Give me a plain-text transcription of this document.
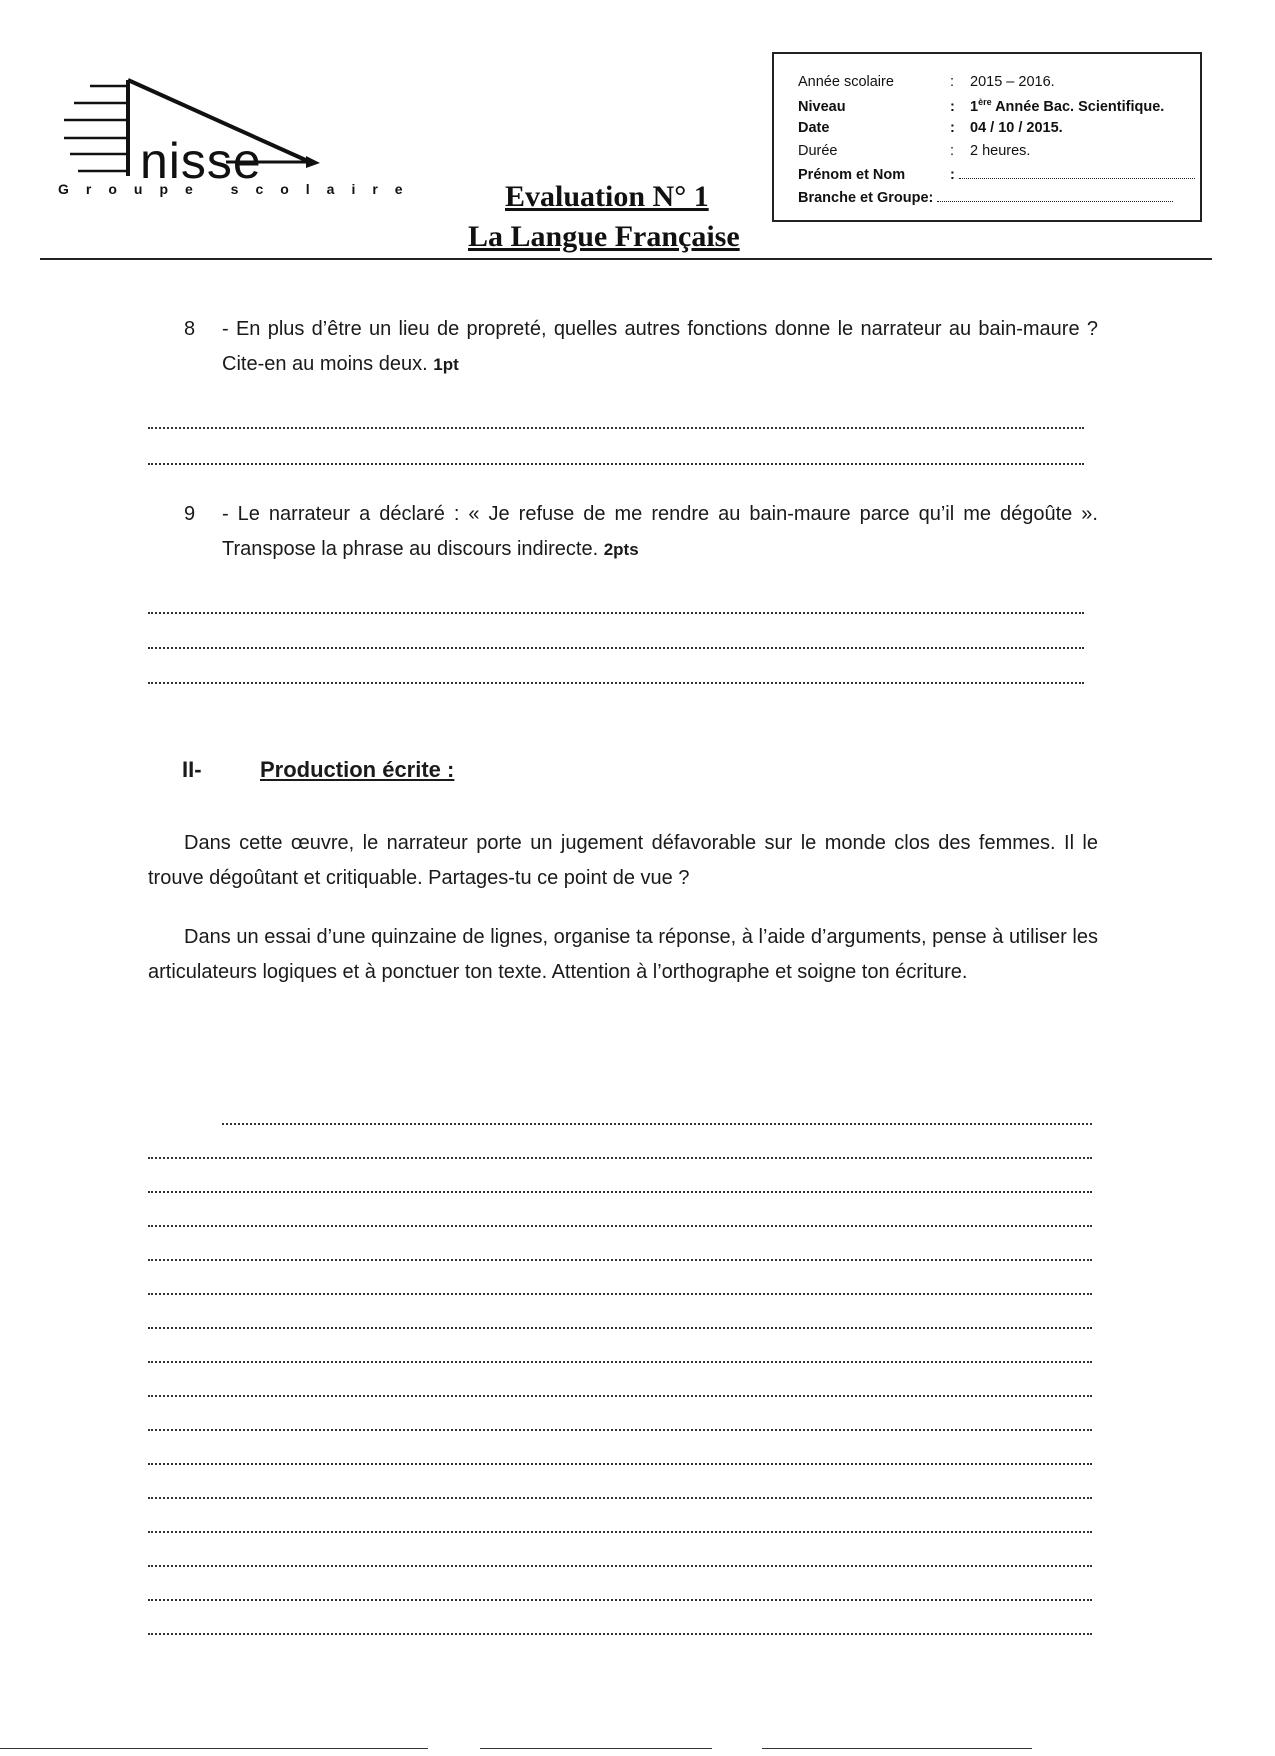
nisse
Groupe scolaire	Evaluation N° 1
La Langue Française
Année scolaire	: 2015 – 2016.
Niveau	: 1ère Année Bac. Scientifique.
Date	: 04 / 10 / 2015.
Durée	: 2 heures.
Prénom et Nom	:
Branche et Groupe:
8 - En plus d’être un lieu de propreté, quelles autres fonctions donne le narrateur au bain-maure ? Cite-en au moins deux. 1pt
9 - Le narrateur a déclaré : « Je refuse de me rendre au bain-maure parce qu’il me dégoûte ». Transpose la phrase au discours indirecte. 2pts
II-	Production écrite :
Dans cette œuvre, le narrateur porte un jugement défavorable sur le monde clos des femmes. Il le trouve dégoûtant et critiquable. Partages-tu ce point de vue ?
Dans un essai d’une quinzaine de lignes, organise ta réponse, à l’aide d’arguments, pense à utiliser les articulateurs logiques et à ponctuer ton texte. Attention à l’orthographe et soigne ton écriture.
